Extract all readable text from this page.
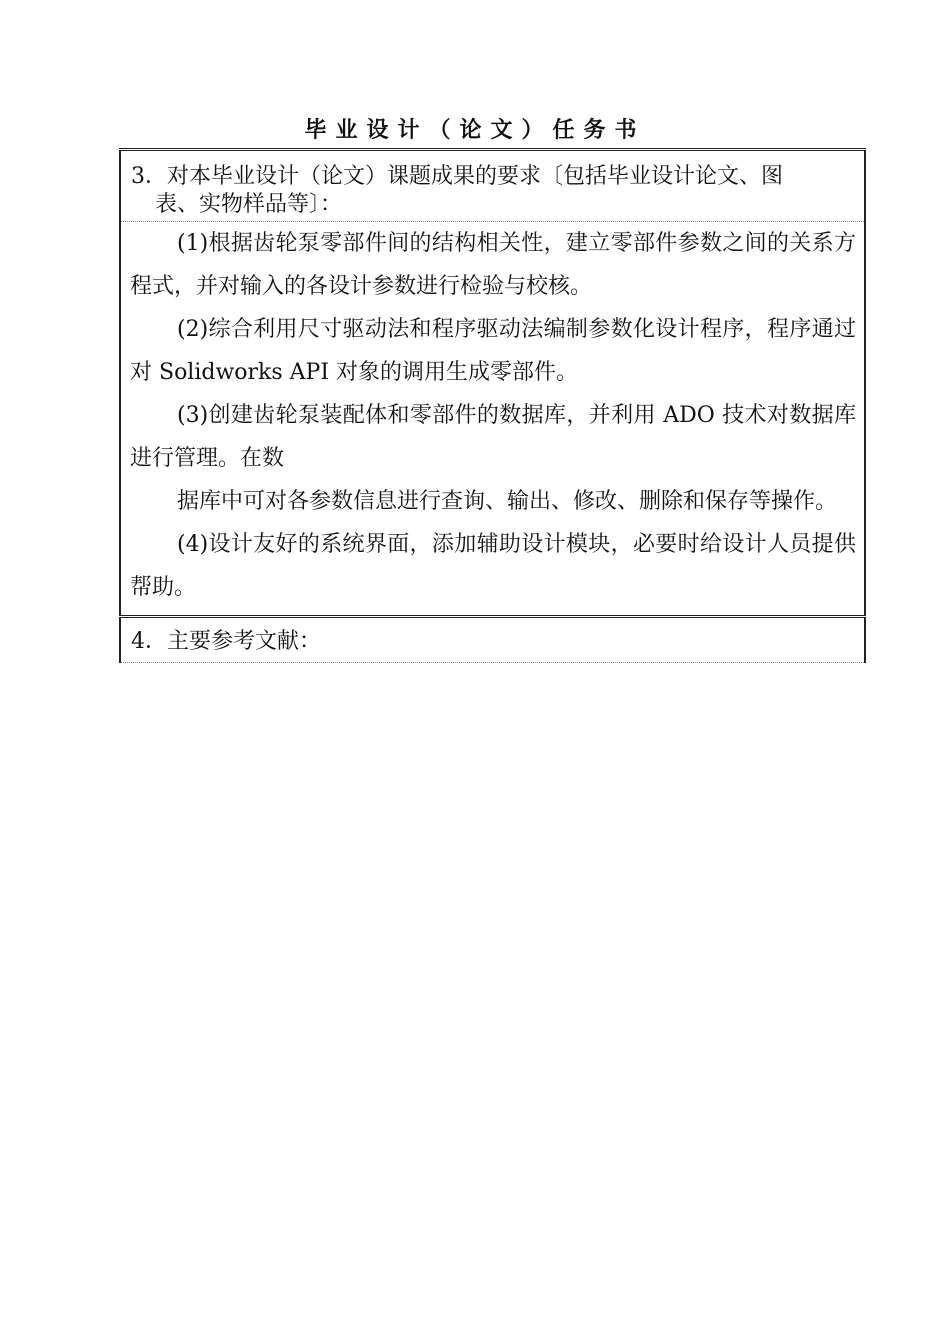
毕业设计（论文）任务书
3．对本毕业设计（论文）课题成果的要求〔包括毕业设计论文、图
表、实物样品等〕：

(1)根据齿轮泵零部件间的结构相关性，建立零部件参数之间的关系方程式，并对输入的各设计参数进行检验与校核。

(2)综合利用尺寸驱动法和程序驱动法编制参数化设计程序，程序通过对 Solidworks API 对象的调用生成零部件。

(3)创建齿轮泵装配体和零部件的数据库，并利用 ADO 技术对数据库进行管理。在数

据库中可对各参数信息进行查询、输出、修改、删除和保存等操作。

(4)设计友好的系统界面，添加辅助设计模块，必要时给设计人员提供帮助。

4．主要参考文献：
